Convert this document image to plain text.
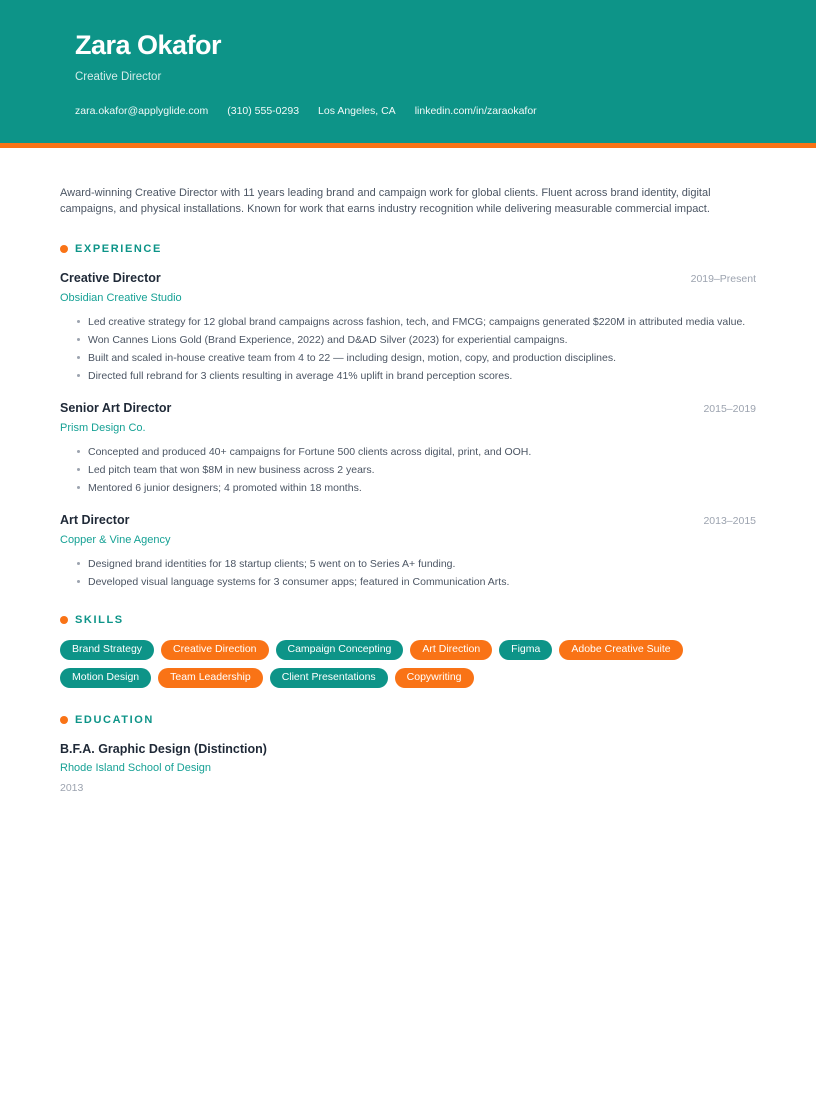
Zara Okafor
Creative Director
zara.okafor@applyglide.com (310) 555-0293 Los Angeles, CA linkedin.com/in/zaraokafor

Award-winning Creative Director with 11 years leading brand and campaign work for global clients. Fluent across brand identity, digital campaigns, and physical installations. Known for work that earns industry recognition while delivering measurable commercial impact.

EXPERIENCE
Creative Director	2019–Present
Obsidian Creative Studio
Led creative strategy for 12 global brand campaigns across fashion, tech, and FMCG; campaigns generated $220M in attributed media value.
Won Cannes Lions Gold (Brand Experience, 2022) and D&AD Silver (2023) for experiential campaigns.
Built and scaled in-house creative team from 4 to 22 — including design, motion, copy, and production disciplines.
Directed full rebrand for 3 clients resulting in average 41% uplift in brand perception scores.
Senior Art Director	2015–2019
Prism Design Co.
Concepted and produced 40+ campaigns for Fortune 500 clients across digital, print, and OOH.
Led pitch team that won $8M in new business across 2 years.
Mentored 6 junior designers; 4 promoted within 18 months.
Art Director	2013–2015
Copper & Vine Agency
Designed brand identities for 18 startup clients; 5 went on to Series A+ funding.
Developed visual language systems for 3 consumer apps; featured in Communication Arts.
SKILLS
Brand Strategy	Creative Direction	Campaign Concepting	Art Direction	Figma	Adobe Creative Suite
Motion Design	Team Leadership	Client Presentations	Copywriting
EDUCATION
B.F.A. Graphic Design (Distinction)
Rhode Island School of Design
2013
